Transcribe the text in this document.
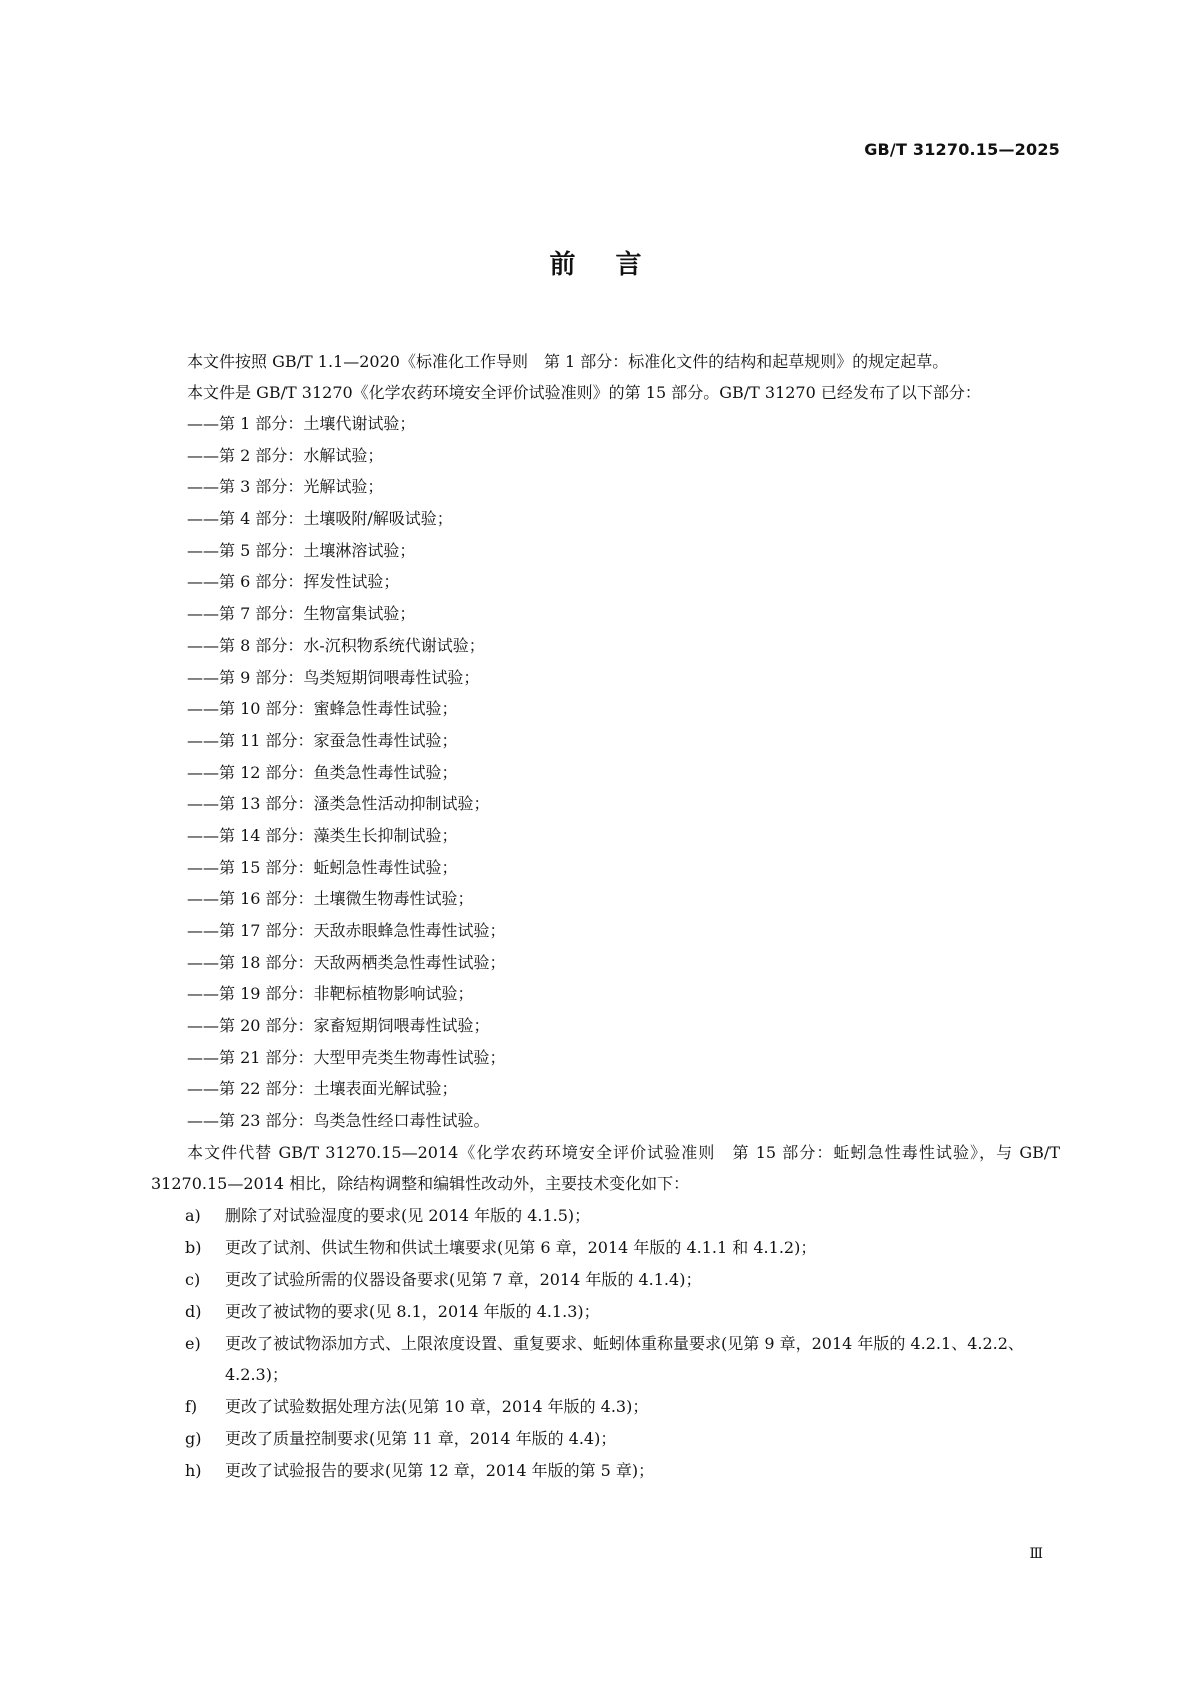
GB/T 31270.15—2025
前言

本文件按照 GB/T 1.1—2020《标准化工作导则　第 1 部分：标准化文件的结构和起草规则》的规定起草。

本文件是 GB/T 31270《化学农药环境安全评价试验准则》的第 15 部分。GB/T 31270 已经发布了以下部分：

——第 1 部分：土壤代谢试验；
——第 2 部分：水解试验；
——第 3 部分：光解试验；
——第 4 部分：土壤吸附/解吸试验；
——第 5 部分：土壤淋溶试验；
——第 6 部分：挥发性试验；
——第 7 部分：生物富集试验；
——第 8 部分：水-沉积物系统代谢试验；
——第 9 部分：鸟类短期饲喂毒性试验；
——第 10 部分：蜜蜂急性毒性试验；
——第 11 部分：家蚕急性毒性试验；
——第 12 部分：鱼类急性毒性试验；
——第 13 部分：溞类急性活动抑制试验；
——第 14 部分：藻类生长抑制试验；
——第 15 部分：蚯蚓急性毒性试验；
——第 16 部分：土壤微生物毒性试验；
——第 17 部分：天敌赤眼蜂急性毒性试验；
——第 18 部分：天敌两栖类急性毒性试验；
——第 19 部分：非靶标植物影响试验；
——第 20 部分：家畜短期饲喂毒性试验；
——第 21 部分：大型甲壳类生物毒性试验；
——第 22 部分：土壤表面光解试验；
——第 23 部分：鸟类急性经口毒性试验。

本文件代替 GB/T 31270.15—2014《化学农药环境安全评价试验准则　第 15 部分：蚯蚓急性毒性试验》，与 GB/T 31270.15—2014 相比，除结构调整和编辑性改动外，主要技术变化如下：

a) 删除了对试验湿度的要求(见 2014 年版的 4.1.5)；
b) 更改了试剂、供试生物和供试土壤要求(见第 6 章，2014 年版的 4.1.1 和 4.1.2)；
c) 更改了试验所需的仪器设备要求(见第 7 章，2014 年版的 4.1.4)；
d) 更改了被试物的要求(见 8.1，2014 年版的 4.1.3)；
e) 更改了被试物添加方式、上限浓度设置、重复要求、蚯蚓体重称量要求(见第 9 章，2014 年版的 4.2.1、4.2.2、4.2.3)；
f) 更改了试验数据处理方法(见第 10 章，2014 年版的 4.3)；
g) 更改了质量控制要求(见第 11 章，2014 年版的 4.4)；
h) 更改了试验报告的要求(见第 12 章，2014 年版的第 5 章)；
Ⅲ
